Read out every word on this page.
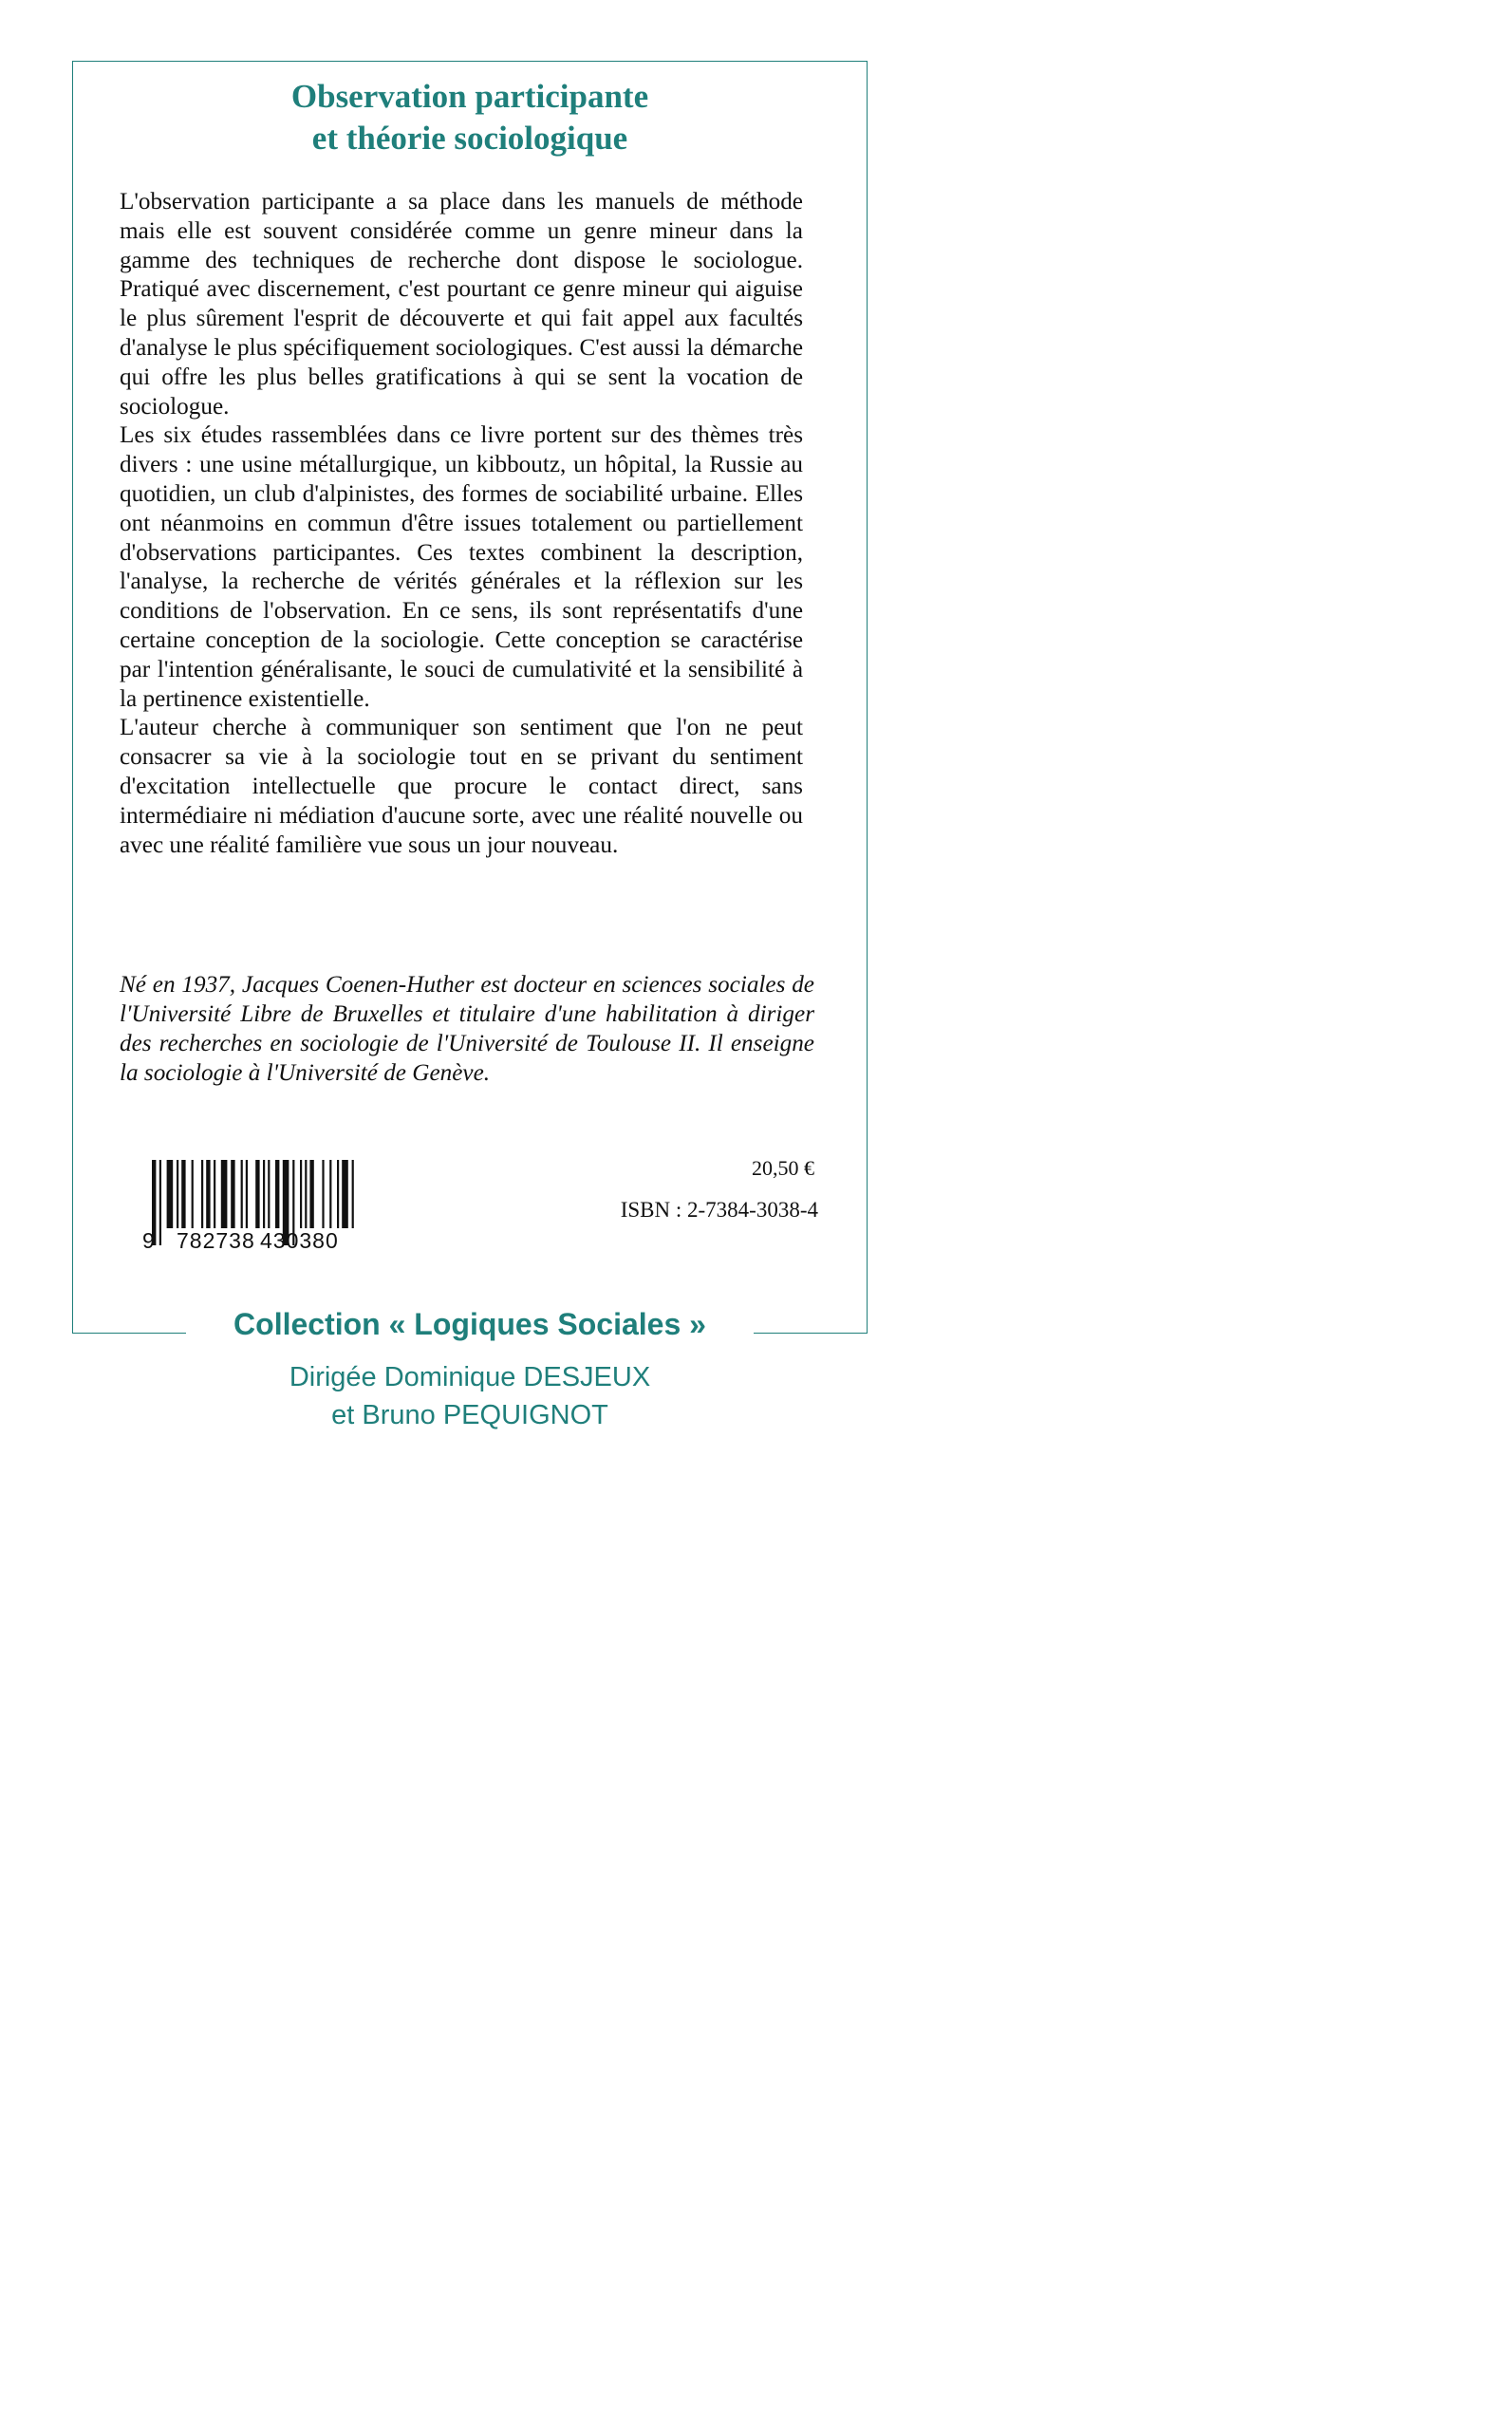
Observation participante
et théorie sociologique

L'observation participante a sa place dans les manuels de méthode mais elle est souvent considérée comme un genre mineur dans la gamme des techniques de recherche dont dispose le sociologue. Pratiqué avec discernement, c'est pourtant ce genre mineur qui aiguise le plus sûrement l'esprit de découverte et qui fait appel aux facultés d'analyse le plus spécifiquement sociologiques. C'est aussi la démarche qui offre les plus belles gratifications à qui se sent la vocation de sociologue.

Les six études rassemblées dans ce livre portent sur des thèmes très divers : une usine métallurgique, un kibboutz, un hôpital, la Russie au quotidien, un club d'alpinistes, des formes de sociabilité urbaine. Elles ont néanmoins en commun d'être issues totalement ou partiellement d'observations participantes. Ces textes combinent la description, l'analyse, la recherche de vérités générales et la réflexion sur les conditions de l'observation. En ce sens, ils sont représentatifs d'une certaine conception de la sociologie. Cette conception se caractérise par l'intention généralisante, le souci de cumulativité et la sensibilité à la pertinence existentielle.

L'auteur cherche à communiquer son sentiment que l'on ne peut consacrer sa vie à la sociologie tout en se privant du sentiment d'excitation intellectuelle que procure le contact direct, sans intermédiaire ni médiation d'aucune sorte, avec une réalité nouvelle ou avec une réalité familière vue sous un jour nouveau.

Né en 1937, Jacques Coenen-Huther est docteur en sciences sociales de l'Université Libre de Bruxelles et titulaire d'une habilitation à diriger des recherches en sociologie de l'Université de Toulouse II. Il enseigne la sociologie à l'Université de Genève.
9 782738 430380
20,50 €
ISBN : 2-7384-3038-4
Collection « Logiques Sociales »
Dirigée Dominique DESJEUX
et Bruno PEQUIGNOT
